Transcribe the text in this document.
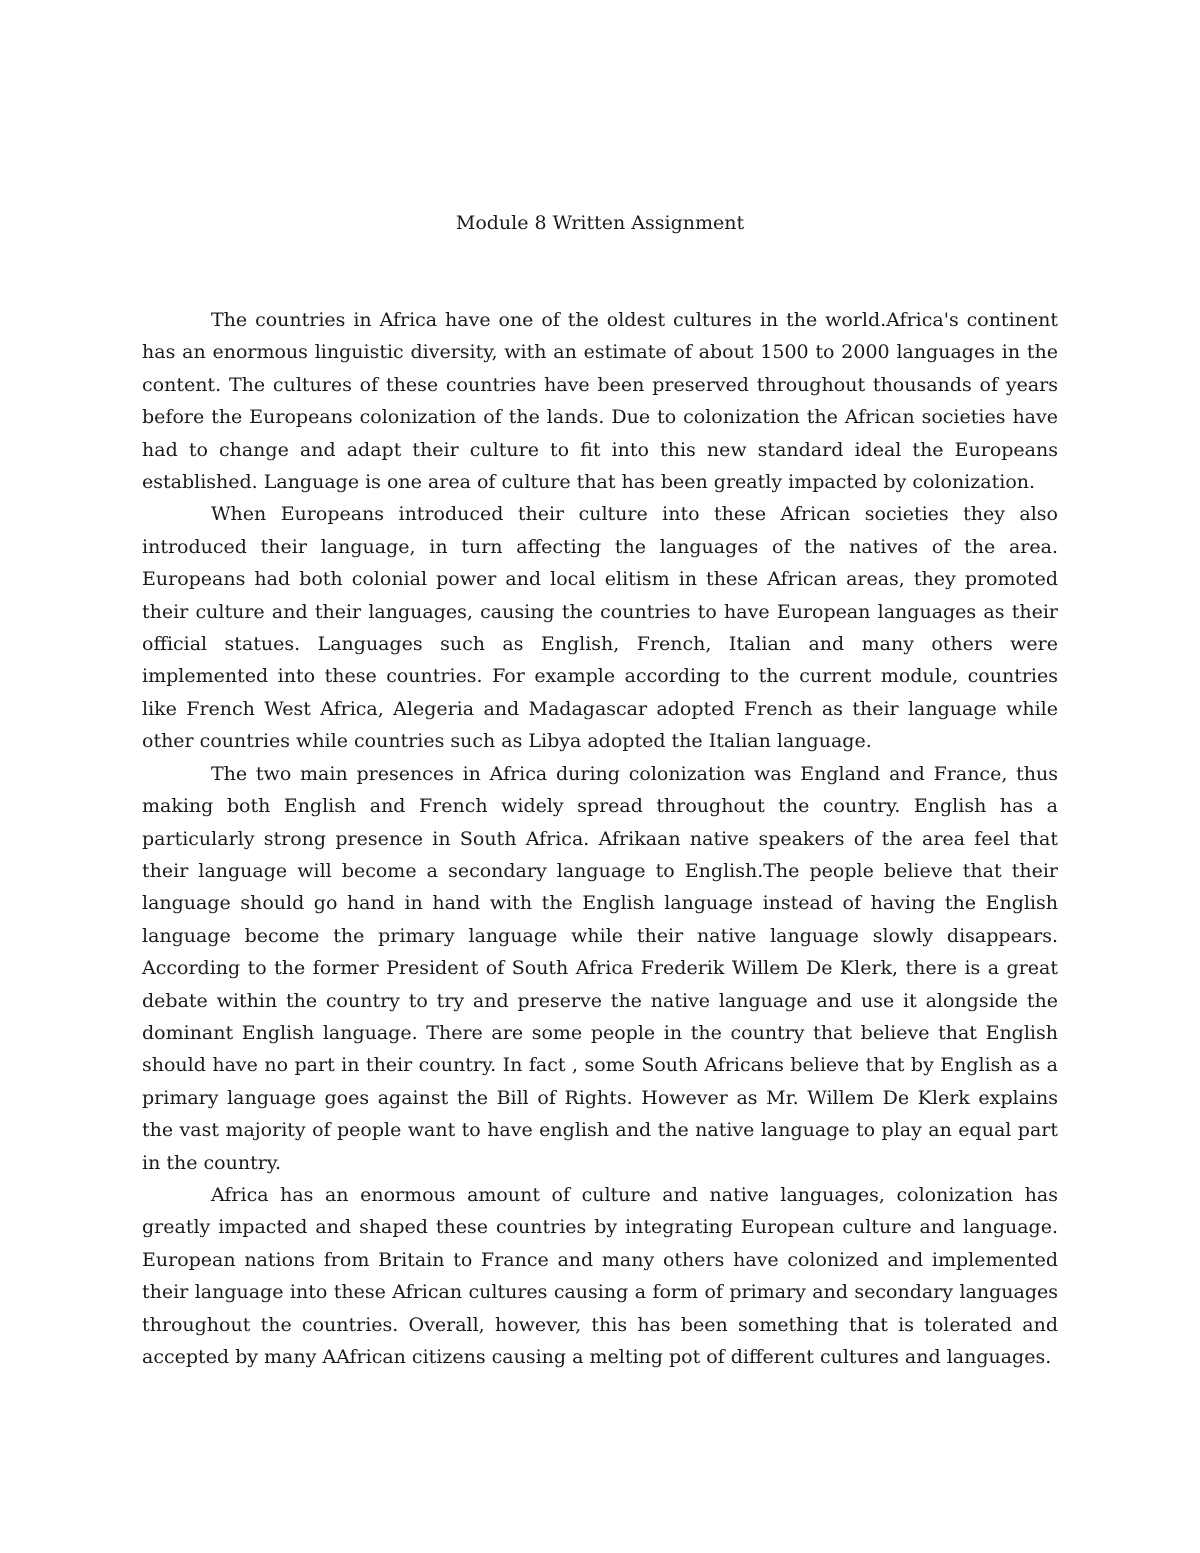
Module 8 Written Assignment

The countries in Africa have one of the oldest cultures in the world.Africa's continent has an enormous linguistic diversity, with an estimate of about 1500 to 2000 languages in the content. The cultures of these countries have been preserved throughout thousands of years before the Europeans colonization of the lands. Due to colonization the African societies have had to change and adapt their culture to fit into this new standard ideal the Europeans established. Language is one area of culture that has been greatly impacted by colonization.

When Europeans introduced their culture into these African societies they also introduced their language, in turn affecting the languages of the natives of the area. Europeans had both colonial power and local elitism in these African areas, they promoted their culture and their languages, causing the countries to have European languages as their official statues. Languages such as English, French, Italian and many others were implemented into these countries. For example according to the current module, countries like French West Africa, Alegeria and Madagascar adopted French as their language while other countries while countries such as Libya adopted the Italian language.

The two main presences in Africa during colonization was England and France, thus making both English and French widely spread throughout the country. English has a particularly strong presence in South Africa. Afrikaan native speakers of the area feel that their language will become a secondary language to English.The people believe that their language should go hand in hand with the English language instead of having the English language become the primary language while their native language slowly disappears. According to the former President of South Africa Frederik Willem De Klerk, there is a great debate within the country to try and preserve the native language and use it alongside the dominant English language. There are some people in the country that believe that English should have no part in their country. In fact , some South Africans believe that by English as a primary language goes against the Bill of Rights. However as Mr. Willem De Klerk explains the vast majority of people want to have english and the native language to play an equal part in the country.

Africa has an enormous amount of culture and native languages, colonization has greatly impacted and shaped these countries by integrating European culture and language. European nations from Britain to France and many others have colonized and implemented their language into these African cultures causing a form of primary and secondary languages throughout the countries. Overall, however, this has been something that is tolerated and accepted by many AAfrican citizens causing a melting pot of different cultures and languages.
